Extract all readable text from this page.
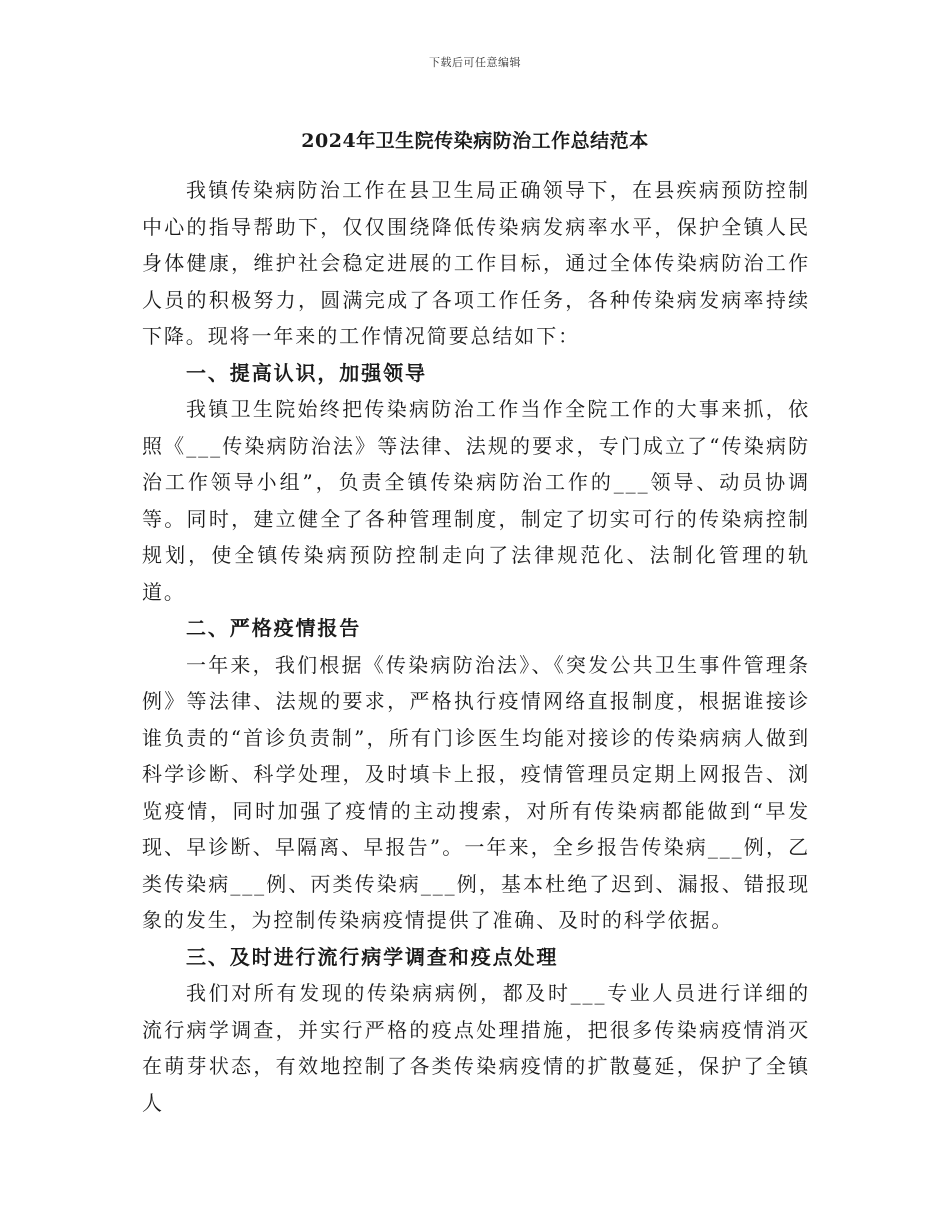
下载后可任意编辑
2024年卫生院传染病防治工作总结范本

我镇传染病防治工作在县卫生局正确领导下，在县疾病预防控制中心的指导帮助下，仅仅围绕降低传染病发病率水平，保护全镇人民身体健康，维护社会稳定进展的工作目标，通过全体传染病防治工作人员的积极努力，圆满完成了各项工作任务，各种传染病发病率持续下降。现将一年来的工作情况简要总结如下：

一、提高认识，加强领导

我镇卫生院始终把传染病防治工作当作全院工作的大事来抓，依照《___传染病防治法》等法律、法规的要求，专门成立了“传染病防治工作领导小组”，负责全镇传染病防治工作的___领导、动员协调等。同时，建立健全了各种管理制度，制定了切实可行的传染病控制规划，使全镇传染病预防控制走向了法律规范化、法制化管理的轨道。

二、严格疫情报告

一年来，我们根据《传染病防治法》、《突发公共卫生事件管理条例》等法律、法规的要求，严格执行疫情网络直报制度，根据谁接诊谁负责的“首诊负责制”，所有门诊医生均能对接诊的传染病病人做到科学诊断、科学处理，及时填卡上报，疫情管理员定期上网报告、浏览疫情，同时加强了疫情的主动搜索，对所有传染病都能做到“早发现、早诊断、早隔离、早报告”。一年来，全乡报告传染病___例，乙类传染病___例、丙类传染病___例，基本杜绝了迟到、漏报、错报现象的发生，为控制传染病疫情提供了准确、及时的科学依据。

三、及时进行流行病学调查和疫点处理

我们对所有发现的传染病病例，都及时___专业人员进行详细的流行病学调查，并实行严格的疫点处理措施，把很多传染病疫情消灭在萌芽状态，有效地控制了各类传染病疫情的扩散蔓延，保护了全镇人
